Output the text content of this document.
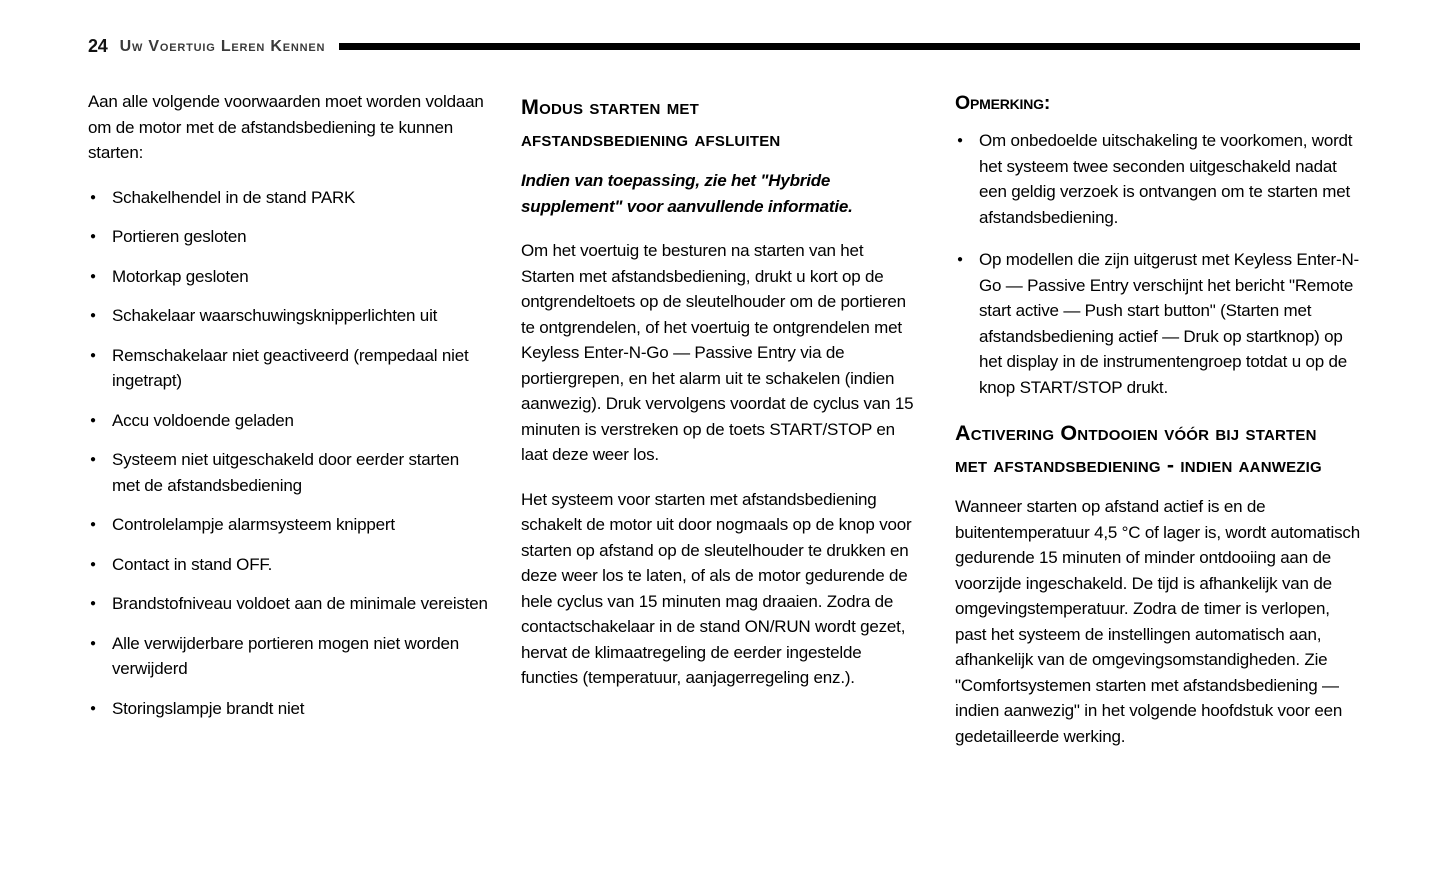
24 Uw Voertuig Leren Kennen

Aan alle volgende voorwaarden moet worden voldaan om de motor met de afstandsbediening te kunnen starten:

● Schakelhendel in de stand PARK
● Portieren gesloten
● Motorkap gesloten
● Schakelaar waarschuwingsknipperlichten uit
● Remschakelaar niet geactiveerd (rempedaal niet ingetrapt)
● Accu voldoende geladen
● Systeem niet uitgeschakeld door eerder starten met de afstandsbediening
● Controlelampje alarmsysteem knippert
● Contact in stand OFF.
● Brandstofniveau voldoet aan de minimale vereisten
● Alle verwijderbare portieren mogen niet worden verwijderd
● Storingslampje brandt niet
Modus starten met afstandsbediening afsluiten

Indien van toepassing, zie het "Hybride supplement" voor aanvullende informatie.

Om het voertuig te besturen na starten van het Starten met afstandsbediening, drukt u kort op de ontgrendeltoets op de sleutelhouder om de portieren te ontgrendelen, of het voertuig te ontgrendelen met Keyless Enter-N-Go — Passive Entry via de portiergrepen, en het alarm uit te schakelen (indien aanwezig). Druk vervolgens voordat de cyclus van 15 minuten is verstreken op de toets START/STOP en laat deze weer los.

Het systeem voor starten met afstandsbediening schakelt de motor uit door nogmaals op de knop voor starten op afstand op de sleutelhouder te drukken en deze weer los te laten, of als de motor gedurende de hele cyclus van 15 minuten mag draaien. Zodra de contactschakelaar in de stand ON/RUN wordt gezet, hervat de klimaatregeling de eerder ingestelde functies (temperatuur, aanjagerregeling enz.).

Opmerking:
● Om onbedoelde uitschakeling te voorkomen, wordt het systeem twee seconden uitgeschakeld nadat een geldig verzoek is ontvangen om te starten met afstandsbediening.
● Op modellen die zijn uitgerust met Keyless Enter-N-Go — Passive Entry verschijnt het bericht "Remote start active — Push start button" (Starten met afstandsbediening actief — Druk op startknop) op het display in de instrumentengroep totdat u op de knop START/STOP drukt.
Activering Ontdooien vóór bij starten met afstandsbediening - indien aanwezig

Wanneer starten op afstand actief is en de buitentemperatuur 4,5 °C of lager is, wordt automatisch gedurende 15 minuten of minder ontdooiing aan de voorzijde ingeschakeld. De tijd is afhankelijk van de omgevingstemperatuur. Zodra de timer is verlopen, past het systeem de instellingen automatisch aan, afhankelijk van de omgevingsomstandigheden. Zie "Comfortsystemen starten met afstandsbediening — indien aanwezig" in het volgende hoofdstuk voor een gedetailleerde werking.
